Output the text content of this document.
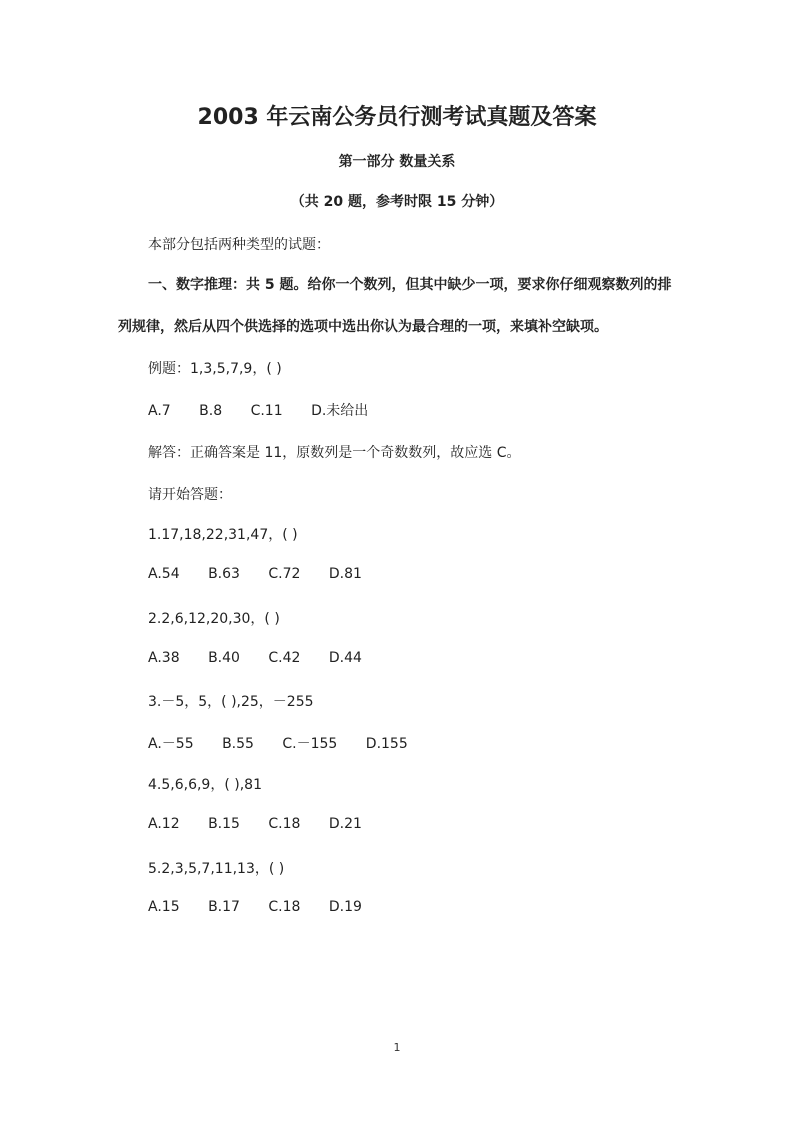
2003 年云南公务员行测考试真题及答案
第一部分 数量关系
（共 20 题，参考时限 15 分钟）
本部分包括两种类型的试题：
一、数字推理：共 5 题。给你一个数列，但其中缺少一项，要求你仔细观察数列的排
列规律，然后从四个供选择的选项中选出你认为最合理的一项，来填补空缺项。
例题：1,3,5,7,9，( )
A.7 B.8 C.11 D.未给出
解答：正确答案是 11，原数列是一个奇数数列，故应选 C。
请开始答题：
1.17,18,22,31,47，( )
A.54 B.63 C.72 D.81
2.2,6,12,20,30，( )
A.38 B.40 C.42 D.44
3.－5，5，( ),25，－255
A.－55 B.55 C.－155 D.155
4.5,6,6,9，( ),81
A.12 B.15 C.18 D.21
5.2,3,5,7,11,13，( )
A.15 B.17 C.18 D.19
1
